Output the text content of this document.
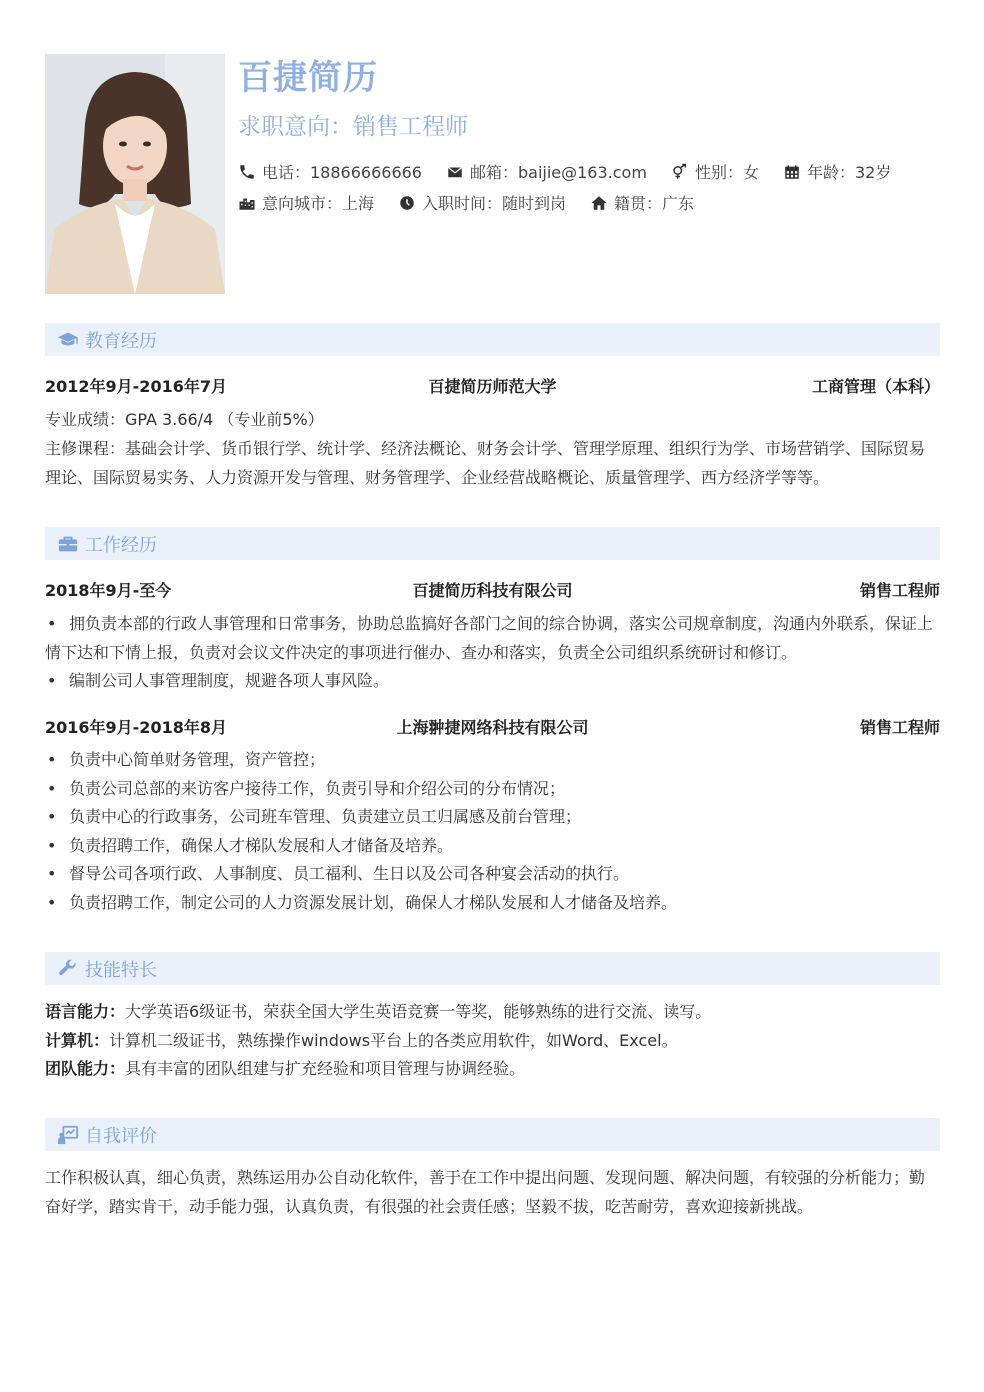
百捷简历
求职意向：销售工程师
电话：18866666666	邮箱：baijie@163.com	性别：女	年龄：32岁
意向城市：上海	入职时间：随时到岗	籍贯：广东
教育经历
2012年9月-2016年7月	百捷简历师范大学	工商管理（本科）
专业成绩：GPA 3.66/4 （专业前5%）
主修课程：基础会计学、货币银行学、统计学、经济法概论、财务会计学、管理学原理、组织行为学、市场营销学、国际贸易理论、国际贸易实务、人力资源开发与管理、财务管理学、企业经营战略概论、质量管理学、西方经济学等等。
工作经历
2018年9月-至今	百捷简历科技有限公司	销售工程师
• 拥负责本部的行政人事管理和日常事务，协助总监搞好各部门之间的综合协调，落实公司规章制度，沟通内外联系，保证上情下达和下情上报，负责对会议文件决定的事项进行催办、查办和落实，负责全公司组织系统研讨和修订。
• 编制公司人事管理制度，规避各项人事风险。
2016年9月-2018年8月	上海翀捷网络科技有限公司	销售工程师
• 负责中心简单财务管理，资产管控；
• 负责公司总部的来访客户接待工作，负责引导和介绍公司的分布情况；
• 负责中心的行政事务，公司班车管理、负责建立员工归属感及前台管理；
• 负责招聘工作，确保人才梯队发展和人才储备及培养。
• 督导公司各项行政、人事制度、员工福利、生日以及公司各种宴会活动的执行。
• 负责招聘工作，制定公司的人力资源发展计划，确保人才梯队发展和人才储备及培养。
技能特长
语言能力：大学英语6级证书，荣获全国大学生英语竞赛一等奖，能够熟练的进行交流、读写。
计算机：计算机二级证书，熟练操作windows平台上的各类应用软件，如Word、Excel。
团队能力：具有丰富的团队组建与扩充经验和项目管理与协调经验。
自我评价
工作积极认真，细心负责，熟练运用办公自动化软件，善于在工作中提出问题、发现问题、解决问题，有较强的分析能力；勤奋好学，踏实肯干，动手能力强，认真负责，有很强的社会责任感；坚毅不拔，吃苦耐劳，喜欢迎接新挑战。
